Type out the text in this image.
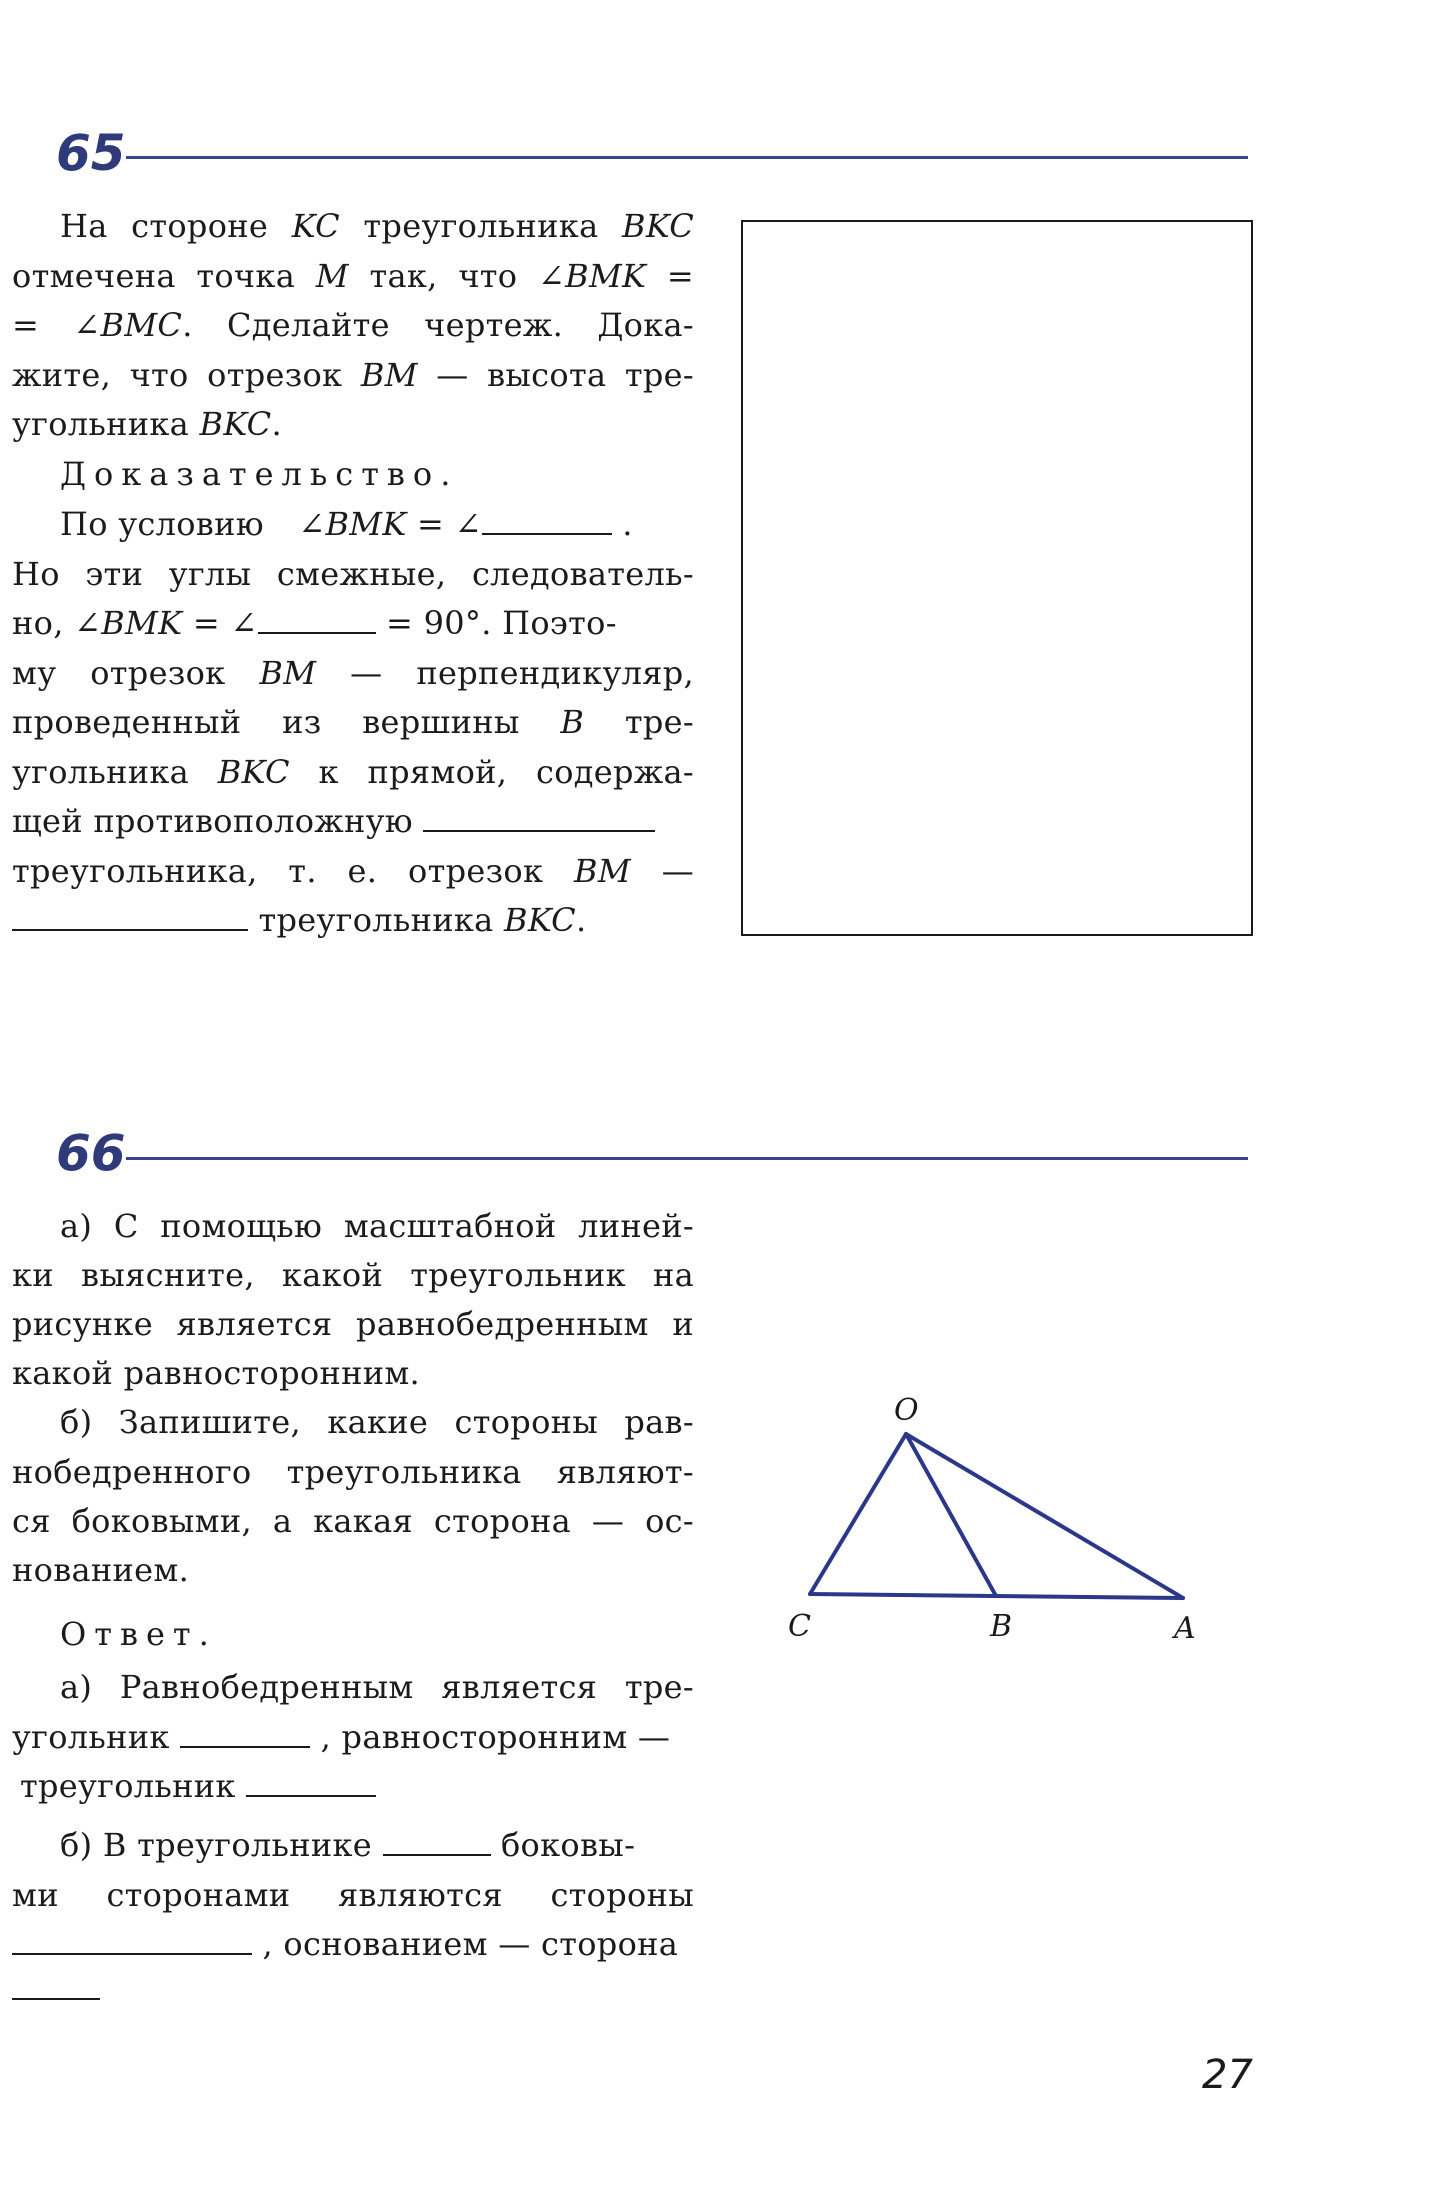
65
На стороне KC треугольника BKC
отмечена точка M так, что ∠BMK =
= ∠BMC. Сделайте чертеж. Дока-
жите, что отрезок BM — высота тре-
угольника BKC.
Доказательство.
По условию ∠BMK = ∠	.
Но эти углы смежные, следователь-
но, ∠BMK = ∠	= 90°. Поэто-
му отрезок BM — перпендикуляр,
проведенный из вершины B тре-
угольника BKC к прямой, содержа-
щей противоположную
треугольника, т. е. отрезок BM —
треугольника BKC.
66
а) С помощью масштабной линей-
ки выясните, какой треугольник на
рисунке является равнобедренным и
какой равносторонним.
б) Запишите, какие стороны рав-
нобедренного треугольника являют-
ся боковыми, а какая сторона — ос-
нованием.
Ответ.
а) Равнобедренным является тре-
угольник	, равносторонним —
треугольник
б) В треугольнике	боковы-
ми сторонами являются стороны
, основанием — сторона
O
C	B	A
27
